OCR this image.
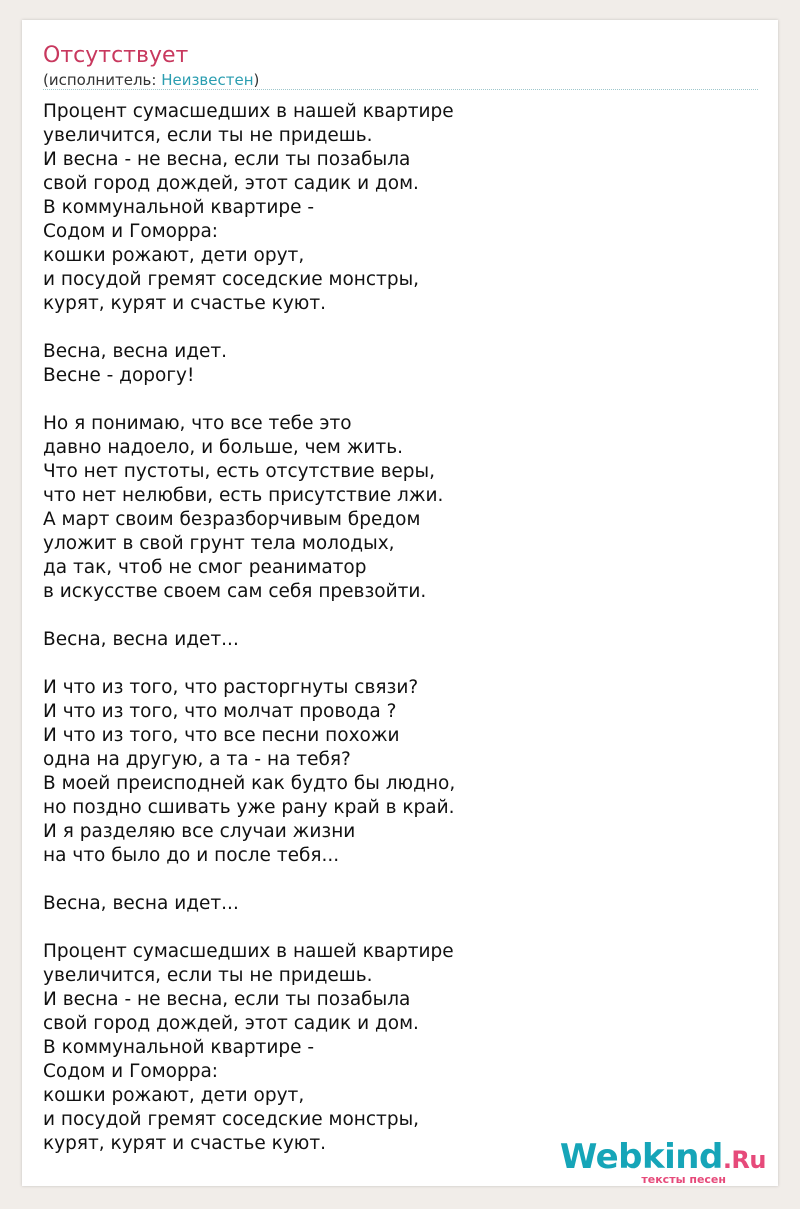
Отсутствует
(исполнитель: Неизвестен)
Процент сумасшедших в нашей квартире
увеличится, если ты не придешь.
И весна - не весна, если ты позабыла
свой город дождей, этот садик и дом.
В коммунальной квартире -
Содом и Гоморра:
кошки рожают, дети орут,
и посудой гремят соседские монстры,
курят, курят и счастье куют.
Весна, весна идет.
Весне - дорогу!
Но я понимаю, что все тебе это
давно надоело, и больше, чем жить.
Что нет пустоты, есть отсутствие веры,
что нет нелюбви, есть присутствие лжи.
А март своим безразборчивым бредом
уложит в свой грунт тела молодых,
да так, чтоб не смог реаниматор
в искусстве своем сам себя превзойти.
Весна, весна идет...
И что из того, что расторгнуты связи?
И что из того, что молчат провода ?
И что из того, что все песни похожи
одна на другую, а та - на тебя?
В моей преисподней как будто бы людно,
но поздно сшивать уже рану край в край.
И я разделяю все случаи жизни
на что было до и после тебя...
Весна, весна идет...
Процент сумасшедших в нашей квартире
увеличится, если ты не придешь.
И весна - не весна, если ты позабыла
свой город дождей, этот садик и дом.
В коммунальной квартире -
Содом и Гоморра:
кошки рожают, дети орут,
и посудой гремят соседские монстры,
курят, курят и счастье куют.	Webkind.Ru
тексты песен
